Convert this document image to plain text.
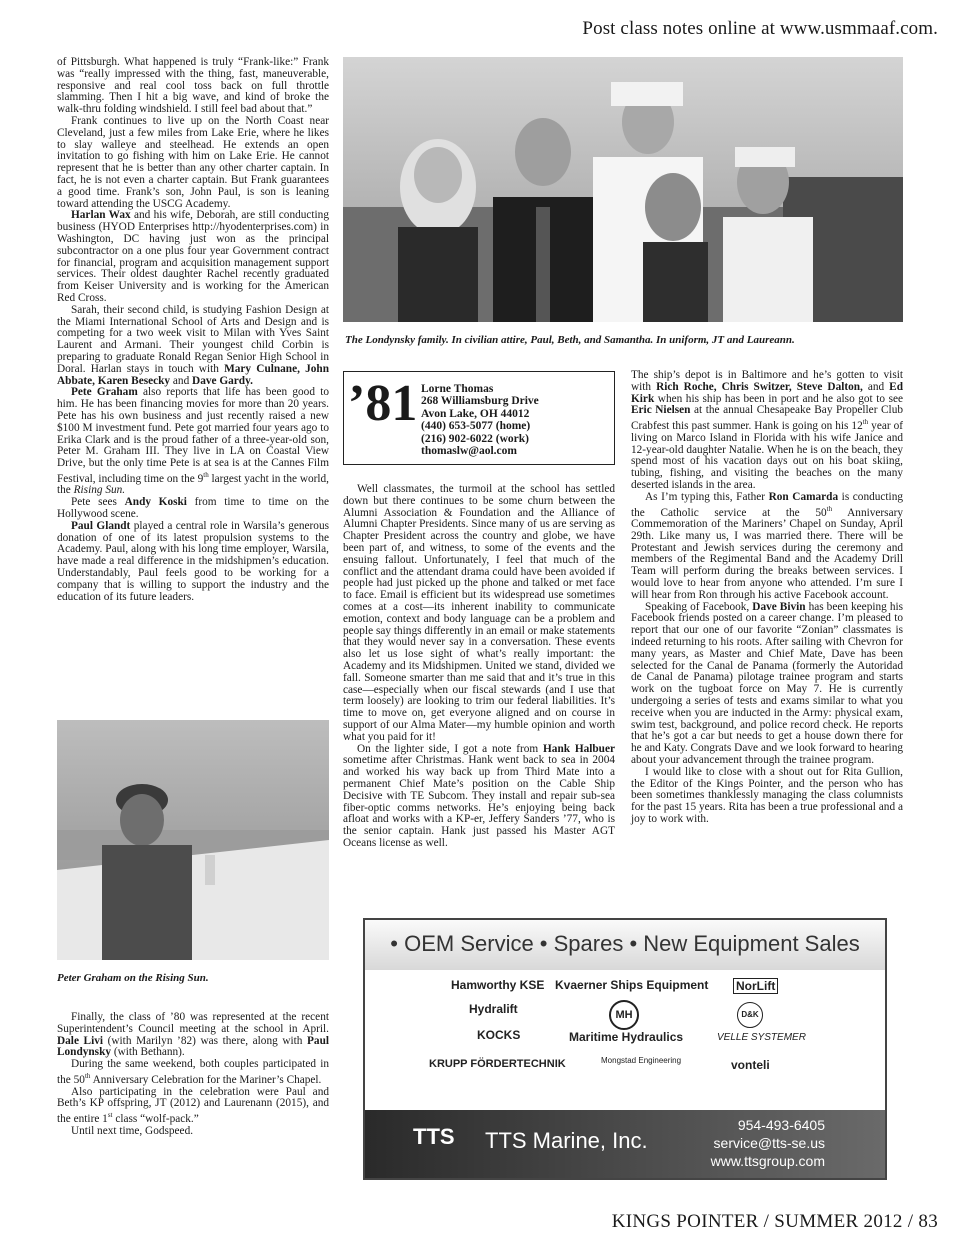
Post class notes online at www.usmmaaf.com.

of Pittsburgh. What happened is truly “Frank-like:” Frank was “really impressed with the thing, fast, maneuverable, responsive and real cool toss back on full throttle slamming. Then I hit a big wave, and kind of broke the walk-thru folding windshield. I still feel bad about that.”

Frank continues to live up on the North Coast near Cleveland, just a few miles from Lake Erie, where he likes to slay walleye and steelhead. He extends an open invitation to go fishing with him on Lake Erie. He cannot represent that he is better than any other charter captain. In fact, he is not even a charter captain. But Frank guarantees a good time. Frank’s son, John Paul, is son is leaning toward attending the USCG Academy.

Harlan Wax and his wife, Deborah, are still conducting business (HYOD Enterprises http://hyodenterprises.com) in Washington, DC having just won as the principal subcontractor on a one plus four year Government contract for financial, program and acquisition management support services. Their oldest daughter Rachel recently graduated from Keiser University and is working for the American Red Cross.

Sarah, their second child, is studying Fashion Design at the Miami International School of Arts and Design and is competing for a two week visit to Milan with Yves Saint Laurent and Armani. Their youngest child Corbin is preparing to graduate Ronald Regan Senior High School in Doral. Harlan stays in touch with Mary Culnane, John Abbate, Karen Besecky and Dave Gardy.

Pete Graham also reports that life has been good to him. He has been financing movies for more than 20 years. Pete has his own business and just recently raised a new $100 M investment fund. Pete got married four years ago to Erika Clark and is the proud father of a three-year-old son, Peter M. Graham III. They live in LA on Coastal View Drive, but the only time Pete is at sea is at the Cannes Film Festival, including time on the 9th largest yacht in the world, the Rising Sun.

Pete sees Andy Koski from time to time on the Hollywood scene.

Paul Glandt played a central role in Warsila’s generous donation of one of its latest propulsion systems to the Academy. Paul, along with his long time employer, Warsila, have made a real difference in the midshipmen’s education. Understandably, Paul feels good to be working for a company that is willing to support the industry and the education of its future leaders.

The Londynsky family. In civilian attire, Paul, Beth, and Samantha. In uniform, JT and Laureann.
’81 Lorne Thomas
268 Williamsburg Drive
Avon Lake, OH 44012
(440) 653-5077 (home)
(216) 902-6022 (work)
thomaslw@aol.com

Well classmates, the turmoil at the school has settled down but there continues to be some churn between the Alumni Association & Foundation and the Alliance of Alumni Chapter Presidents. Since many of us are serving as Chapter President across the country and globe, we have been part of, and witness, to some of the events and the ensuing fallout. Unfortunately, I feel that much of the conflict and the attendant drama could have been avoided if people had just picked up the phone and talked or met face to face. Email is efficient but its widespread use sometimes comes at a cost—its inherent inability to communicate emotion, context and body language can be a problem and people say things differently in an email or make statements that they would never say in a conversation. These events also let us lose sight of what’s really important: the Academy and its Midshipmen. United we stand, divided we fall. Someone smarter than me said that and it’s true in this case—especially when our fiscal stewards (and I use that term loosely) are looking to trim our federal liabilities. It’s time to move on, get everyone aligned and on course in support of our Alma Mater—my humble opinion and worth what you paid for it!

On the lighter side, I got a note from Hank Halbuer sometime after Christmas. Hank went back to sea in 2004 and worked his way back up from Third Mate into a permanent Chief Mate’s position on the Cable Ship Decisive with TE Subcom. They install and repair sub-sea fiber-optic comms networks. He’s enjoying being back afloat and works with a KP-er, Jeffery Sanders ’77, who is the senior captain. Hank just passed his Master AGT Oceans license as well.

The ship’s depot is in Baltimore and he’s gotten to visit with Rich Roche, Chris Switzer, Steve Dalton, and Ed Kirk when his ship has been in port and he also got to see Eric Nielsen at the annual Chesapeake Bay Propeller Club Crabfest this past summer. Hank is going on his 12th year of living on Marco Island in Florida with his wife Janice and 12-year-old daughter Natalie. When he is on the beach, they spend most of his vacation days out on his boat skiing, tubing, fishing, and visiting the beaches on the many deserted islands in the area.

As I’m typing this, Father Ron Camarda is conducting the Catholic service at the 50th Anniversary Commemoration of the Mariners’ Chapel on Sunday, April 29th. Like many us, I was married there. There will be Protestant and Jewish services during the ceremony and members of the Regimental Band and the Academy Drill Team will perform during the breaks between services. I would love to hear from anyone who attended. I’m sure I will hear from Ron through his active Facebook account.

Speaking of Facebook, Dave Bivin has been keeping his Facebook friends posted on a career change. I’m pleased to report that our one of our favorite “Zonian” classmates is indeed returning to his roots. After sailing with Chevron for many years, as Master and Chief Mate, Dave has been selected for the Canal de Panama (formerly the Autoridad de Canal de Panama) pilotage trainee program and starts work on the tugboat force on May 7. He is currently undergoing a series of tests and exams similar to what you receive when you are inducted in the Army: physical exam, swim test, background, and police record check. He reports that he’s got a car but needs to get a house down there for he and Katy. Congrats Dave and we look forward to hearing about your advancement through the trainee program.

I would like to close with a shout out for Rita Gullion, the Editor of the Kings Pointer, and the person who has been sometimes thanklessly managing the class columnists for the past 15 years. Rita has been a true professional and a joy to work with.

Peter Graham on the Rising Sun.

Finally, the class of ’80 was represented at the recent Superintendent’s Council meeting at the school in April. Dale Livi (with Marilyn ’82) was there, along with Paul Londynsky (with Bethann).

During the same weekend, both couples participated in the 50th Anniversary Celebration for the Mariner’s Chapel.

Also participating in the celebration were Paul and Beth’s KP offspring, JT (2012) and Laurenann (2015), and the entire 1st class “wolf-pack.”

Until next time, Godspeed.

• OEM Service • Spares • New Equipment Sales
Hamworthy KSE Kvaerner Ships Equipment NorLift
Hydralift	MH	D&K
KOCKS	Maritime Hydraulics	VELLE SYSTEMER
KRUPP FÖRDERTECHNIK	Mongstad Engineering	vonteli
TTS TTS Marine, Inc.
954-493-6405
service@tts-se.us
www.ttsgroup.com
KINGS POINTER / SUMMER 2012 / 83
